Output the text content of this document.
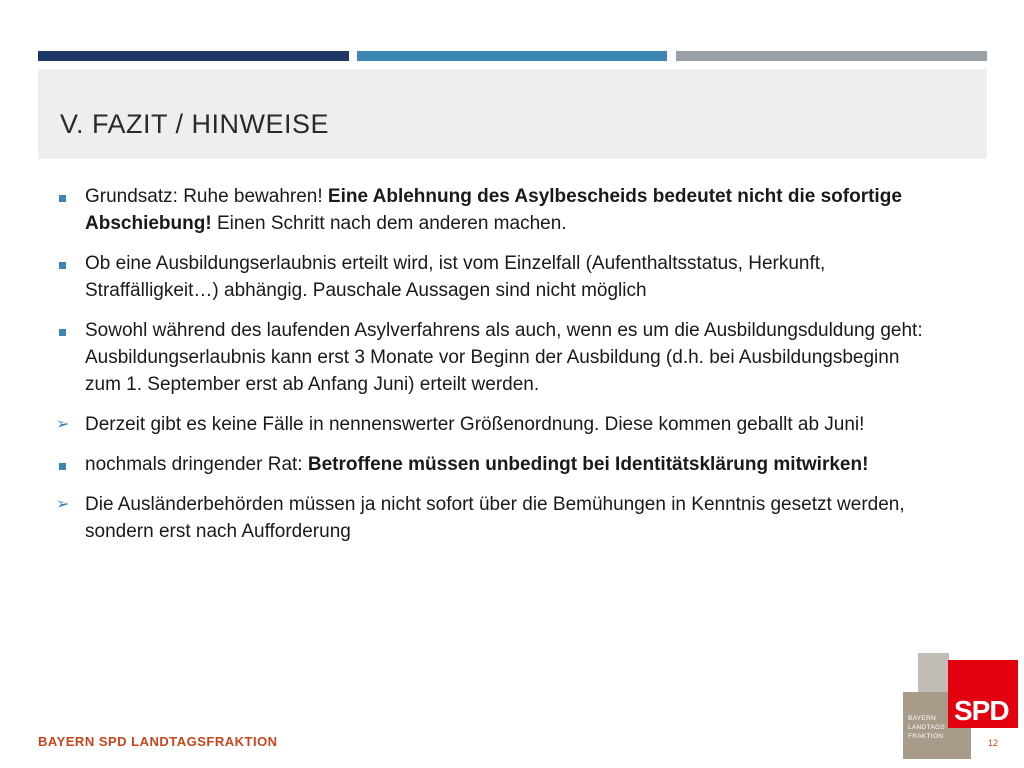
V. FAZIT / HINWEISE
Grundsatz: Ruhe bewahren! Eine Ablehnung des Asylbescheids bedeutet nicht die sofortige Abschiebung! Einen Schritt nach dem anderen machen.
Ob eine Ausbildungserlaubnis erteilt wird, ist vom Einzelfall (Aufenthaltsstatus, Herkunft, Straffälligkeit…) abhängig. Pauschale Aussagen sind nicht möglich
Sowohl während des laufenden Asylverfahrens als auch, wenn es um die Ausbildungsduldung geht: Ausbildungserlaubnis kann erst 3 Monate vor Beginn der Ausbildung (d.h. bei Ausbildungsbeginn zum 1. September erst ab Anfang Juni) erteilt werden.
➢ Derzeit gibt es keine Fälle in nennenswerter Größenordnung. Diese kommen geballt ab Juni!
nochmals dringender Rat: Betroffene müssen unbedingt bei Identitätsklärung mitwirken!
➢ Die Ausländerbehörden müssen ja nicht sofort über die Bemühungen in Kenntnis gesetzt werden, sondern erst nach Aufforderung
BAYERN SPD LANDTAGSFRAKTION	12
SPD
BAYERN
LANDTAGS
FRAKTION
